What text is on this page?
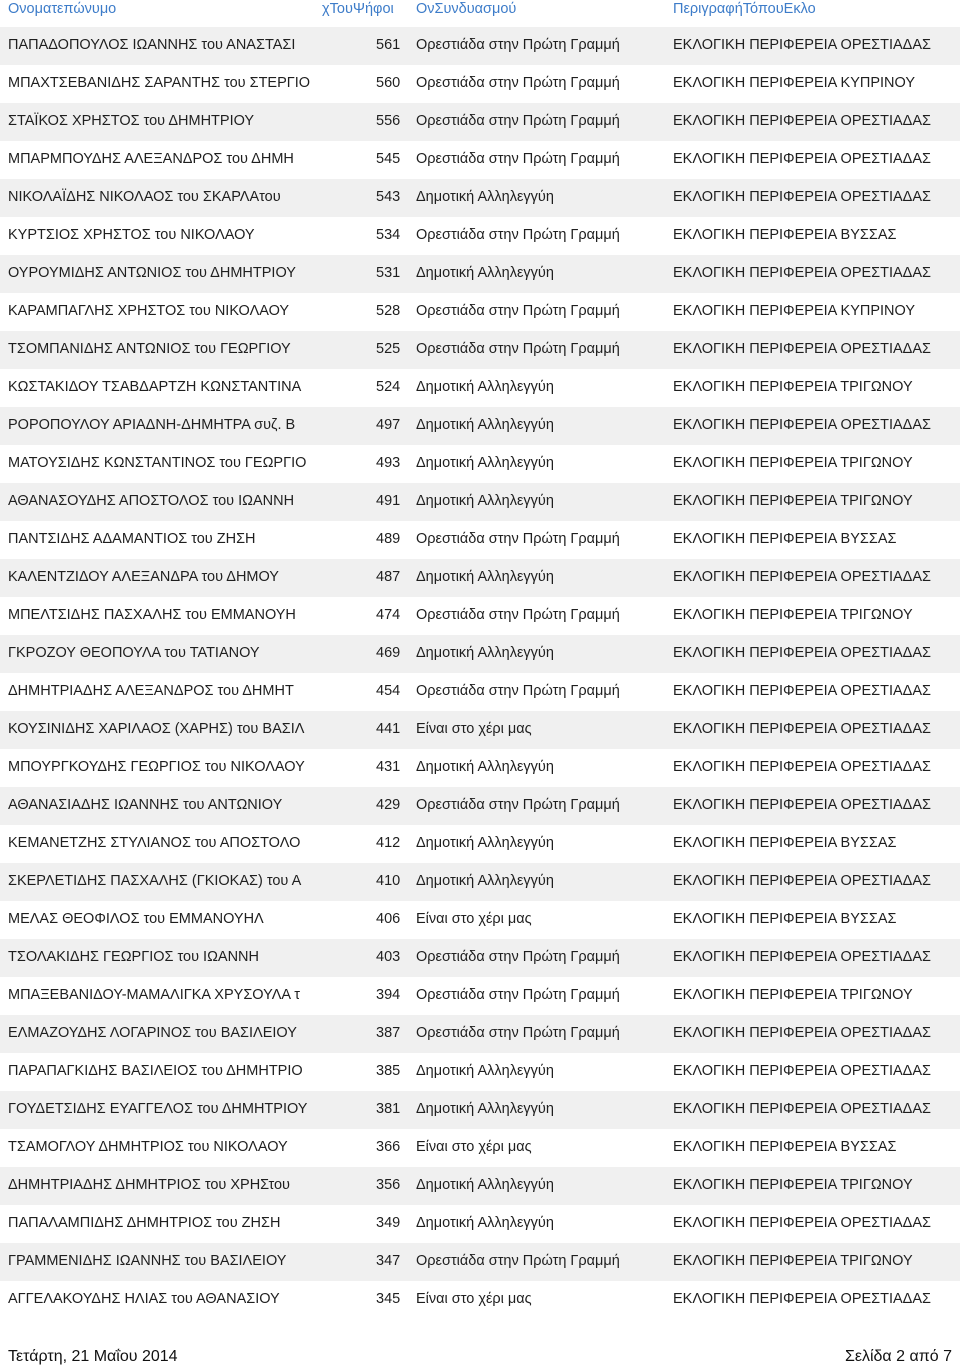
Ονοματεπώνυμο	χΤουΨήφοι ΟνΣυνδυασμού	ΠεριγραφήΤόπουΕκλο
ΠΑΠΑΔΟΠΟΥΛΟΣ ΙΩΑΝΝΗΣ του ΑΝΑΣΤΑΣΙ	561 Ορεστιάδα στην Πρώτη Γραμμή	ΕΚΛΟΓΙΚΗ ΠΕΡΙΦΕΡΕΙΑ ΟΡΕΣΤΙΑΔΑΣ
ΜΠΑΧΤΣΕΒΑΝΙΔΗΣ ΣΑΡΑΝΤΗΣ του ΣΤΕΡΓΙΟ	560 Ορεστιάδα στην Πρώτη Γραμμή	ΕΚΛΟΓΙΚΗ ΠΕΡΙΦΕΡΕΙΑ ΚΥΠΡΙΝΟΥ
ΣΤΑΪΚΟΣ ΧΡΗΣΤΟΣ του ΔΗΜΗΤΡΙΟΥ	556 Ορεστιάδα στην Πρώτη Γραμμή	ΕΚΛΟΓΙΚΗ ΠΕΡΙΦΕΡΕΙΑ ΟΡΕΣΤΙΑΔΑΣ
ΜΠΑΡΜΠΟΥΔΗΣ ΑΛΕΞΑΝΔΡΟΣ του ΔΗΜΗ	545 Ορεστιάδα στην Πρώτη Γραμμή	ΕΚΛΟΓΙΚΗ ΠΕΡΙΦΕΡΕΙΑ ΟΡΕΣΤΙΑΔΑΣ
ΝΙΚΟΛΑΪΔΗΣ ΝΙΚΟΛΑΟΣ του ΣΚΑΡΛΑτου	543 Δημοτική Αλληλεγγύη	ΕΚΛΟΓΙΚΗ ΠΕΡΙΦΕΡΕΙΑ ΟΡΕΣΤΙΑΔΑΣ
ΚΥΡΤΣΙΟΣ ΧΡΗΣΤΟΣ του ΝΙΚΟΛΑΟΥ	534 Ορεστιάδα στην Πρώτη Γραμμή	ΕΚΛΟΓΙΚΗ ΠΕΡΙΦΕΡΕΙΑ ΒΥΣΣΑΣ
ΟΥΡΟΥΜΙΔΗΣ ΑΝΤΩΝΙΟΣ του ΔΗΜΗΤΡΙΟΥ	531 Δημοτική Αλληλεγγύη	ΕΚΛΟΓΙΚΗ ΠΕΡΙΦΕΡΕΙΑ ΟΡΕΣΤΙΑΔΑΣ
ΚΑΡΑΜΠΑΓΛΗΣ ΧΡΗΣΤΟΣ του ΝΙΚΟΛΑΟΥ	528 Ορεστιάδα στην Πρώτη Γραμμή	ΕΚΛΟΓΙΚΗ ΠΕΡΙΦΕΡΕΙΑ ΚΥΠΡΙΝΟΥ
ΤΣΟΜΠΑΝΙΔΗΣ ΑΝΤΩΝΙΟΣ του ΓΕΩΡΓΙΟΥ	525 Ορεστιάδα στην Πρώτη Γραμμή	ΕΚΛΟΓΙΚΗ ΠΕΡΙΦΕΡΕΙΑ ΟΡΕΣΤΙΑΔΑΣ
ΚΩΣΤΑΚΙΔΟΥ ΤΣΑΒΔΑΡΤΖΗ ΚΩΝΣΤΑΝΤΙΝΑ	524 Δημοτική Αλληλεγγύη	ΕΚΛΟΓΙΚΗ ΠΕΡΙΦΕΡΕΙΑ ΤΡΙΓΩΝΟΥ
ΡΟΡΟΠΟΥΛΟΥ ΑΡΙΑΔΝΗ-ΔΗΜΗΤΡΑ συζ. Β	497 Δημοτική Αλληλεγγύη	ΕΚΛΟΓΙΚΗ ΠΕΡΙΦΕΡΕΙΑ ΟΡΕΣΤΙΑΔΑΣ
ΜΑΤΟΥΣΙΔΗΣ ΚΩΝΣΤΑΝΤΙΝΟΣ του ΓΕΩΡΓΙΟ	493 Δημοτική Αλληλεγγύη	ΕΚΛΟΓΙΚΗ ΠΕΡΙΦΕΡΕΙΑ ΤΡΙΓΩΝΟΥ
ΑΘΑΝΑΣΟΥΔΗΣ ΑΠΟΣΤΟΛΟΣ του ΙΩΑΝΝΗ	491 Δημοτική Αλληλεγγύη	ΕΚΛΟΓΙΚΗ ΠΕΡΙΦΕΡΕΙΑ ΤΡΙΓΩΝΟΥ
ΠΑΝΤΣΙΔΗΣ ΑΔΑΜΑΝΤΙΟΣ του ΖΗΣΗ	489 Ορεστιάδα στην Πρώτη Γραμμή	ΕΚΛΟΓΙΚΗ ΠΕΡΙΦΕΡΕΙΑ ΒΥΣΣΑΣ
ΚΑΛΕΝΤΖΙΔΟΥ ΑΛΕΞΑΝΔΡΑ του ΔΗΜΟΥ	487 Δημοτική Αλληλεγγύη	ΕΚΛΟΓΙΚΗ ΠΕΡΙΦΕΡΕΙΑ ΟΡΕΣΤΙΑΔΑΣ
ΜΠΕΛΤΣΙΔΗΣ ΠΑΣΧΑΛΗΣ του ΕΜΜΑΝΟΥΗ	474 Ορεστιάδα στην Πρώτη Γραμμή	ΕΚΛΟΓΙΚΗ ΠΕΡΙΦΕΡΕΙΑ ΤΡΙΓΩΝΟΥ
ΓΚΡΟΖΟΥ ΘΕΟΠΟΥΛΑ του ΤΑΤΙΑΝΟΥ	469 Δημοτική Αλληλεγγύη	ΕΚΛΟΓΙΚΗ ΠΕΡΙΦΕΡΕΙΑ ΟΡΕΣΤΙΑΔΑΣ
ΔΗΜΗΤΡΙΑΔΗΣ ΑΛΕΞΑΝΔΡΟΣ του ΔΗΜΗΤ	454 Ορεστιάδα στην Πρώτη Γραμμή	ΕΚΛΟΓΙΚΗ ΠΕΡΙΦΕΡΕΙΑ ΟΡΕΣΤΙΑΔΑΣ
ΚΟΥΣΙΝΙΔΗΣ ΧΑΡΙΛΑΟΣ (ΧΑΡΗΣ) του ΒΑΣΙΛ	441 Είναι στο χέρι μας	ΕΚΛΟΓΙΚΗ ΠΕΡΙΦΕΡΕΙΑ ΟΡΕΣΤΙΑΔΑΣ
ΜΠΟΥΡΓΚΟΥΔΗΣ ΓΕΩΡΓΙΟΣ του ΝΙΚΟΛΑΟΥ	431 Δημοτική Αλληλεγγύη	ΕΚΛΟΓΙΚΗ ΠΕΡΙΦΕΡΕΙΑ ΟΡΕΣΤΙΑΔΑΣ
ΑΘΑΝΑΣΙΑΔΗΣ ΙΩΑΝΝΗΣ του ΑΝΤΩΝΙΟΥ	429 Ορεστιάδα στην Πρώτη Γραμμή	ΕΚΛΟΓΙΚΗ ΠΕΡΙΦΕΡΕΙΑ ΟΡΕΣΤΙΑΔΑΣ
ΚΕΜΑΝΕΤΖΗΣ ΣΤΥΛΙΑΝΟΣ του ΑΠΟΣΤΟΛΟ	412 Δημοτική Αλληλεγγύη	ΕΚΛΟΓΙΚΗ ΠΕΡΙΦΕΡΕΙΑ ΒΥΣΣΑΣ
ΣΚΕΡΛΕΤΙΔΗΣ ΠΑΣΧΑΛΗΣ (ΓΚΙΟΚΑΣ) του Α	410 Δημοτική Αλληλεγγύη	ΕΚΛΟΓΙΚΗ ΠΕΡΙΦΕΡΕΙΑ ΟΡΕΣΤΙΑΔΑΣ
ΜΕΛΑΣ ΘΕΟΦΙΛΟΣ του ΕΜΜΑΝΟΥΗΛ	406 Είναι στο χέρι μας	ΕΚΛΟΓΙΚΗ ΠΕΡΙΦΕΡΕΙΑ ΒΥΣΣΑΣ
ΤΣΟΛΑΚΙΔΗΣ ΓΕΩΡΓΙΟΣ του ΙΩΑΝΝΗ	403 Ορεστιάδα στην Πρώτη Γραμμή	ΕΚΛΟΓΙΚΗ ΠΕΡΙΦΕΡΕΙΑ ΟΡΕΣΤΙΑΔΑΣ
ΜΠΑΞΕΒΑΝΙΔΟΥ-ΜΑΜΑΛΙΓΚΑ ΧΡΥΣΟΥΛΑ τ	394 Ορεστιάδα στην Πρώτη Γραμμή	ΕΚΛΟΓΙΚΗ ΠΕΡΙΦΕΡΕΙΑ ΤΡΙΓΩΝΟΥ
ΕΛΜΑΖΟΥΔΗΣ ΛΟΓΑΡΙΝΟΣ του ΒΑΣΙΛΕΙΟΥ	387 Ορεστιάδα στην Πρώτη Γραμμή	ΕΚΛΟΓΙΚΗ ΠΕΡΙΦΕΡΕΙΑ ΟΡΕΣΤΙΑΔΑΣ
ΠΑΡΑΠΑΓΚΙΔΗΣ ΒΑΣΙΛΕΙΟΣ του ΔΗΜΗΤΡΙΟ	385 Δημοτική Αλληλεγγύη	ΕΚΛΟΓΙΚΗ ΠΕΡΙΦΕΡΕΙΑ ΟΡΕΣΤΙΑΔΑΣ
ΓΟΥΔΕΤΣΙΔΗΣ ΕΥΑΓΓΕΛΟΣ του ΔΗΜΗΤΡΙΟΥ	381 Δημοτική Αλληλεγγύη	ΕΚΛΟΓΙΚΗ ΠΕΡΙΦΕΡΕΙΑ ΟΡΕΣΤΙΑΔΑΣ
ΤΣΑΜΟΓΛΟΥ ΔΗΜΗΤΡΙΟΣ του ΝΙΚΟΛΑΟΥ	366 Είναι στο χέρι μας	ΕΚΛΟΓΙΚΗ ΠΕΡΙΦΕΡΕΙΑ ΒΥΣΣΑΣ
ΔΗΜΗΤΡΙΑΔΗΣ ΔΗΜΗΤΡΙΟΣ του ΧΡΗΣτου	356 Δημοτική Αλληλεγγύη	ΕΚΛΟΓΙΚΗ ΠΕΡΙΦΕΡΕΙΑ ΤΡΙΓΩΝΟΥ
ΠΑΠΑΛΑΜΠΙΔΗΣ ΔΗΜΗΤΡΙΟΣ του ΖΗΣΗ	349 Δημοτική Αλληλεγγύη	ΕΚΛΟΓΙΚΗ ΠΕΡΙΦΕΡΕΙΑ ΟΡΕΣΤΙΑΔΑΣ
ΓΡΑΜΜΕΝΙΔΗΣ ΙΩΑΝΝΗΣ του ΒΑΣΙΛΕΙΟΥ	347 Ορεστιάδα στην Πρώτη Γραμμή	ΕΚΛΟΓΙΚΗ ΠΕΡΙΦΕΡΕΙΑ ΤΡΙΓΩΝΟΥ
ΑΓΓΕΛΑΚΟΥΔΗΣ ΗΛΙΑΣ του ΑΘΑΝΑΣΙΟΥ	345 Είναι στο χέρι μας	ΕΚΛΟΓΙΚΗ ΠΕΡΙΦΕΡΕΙΑ ΟΡΕΣΤΙΑΔΑΣ
Τετάρτη, 21 Μαΐου 2014	Σελίδα 2 από 7
